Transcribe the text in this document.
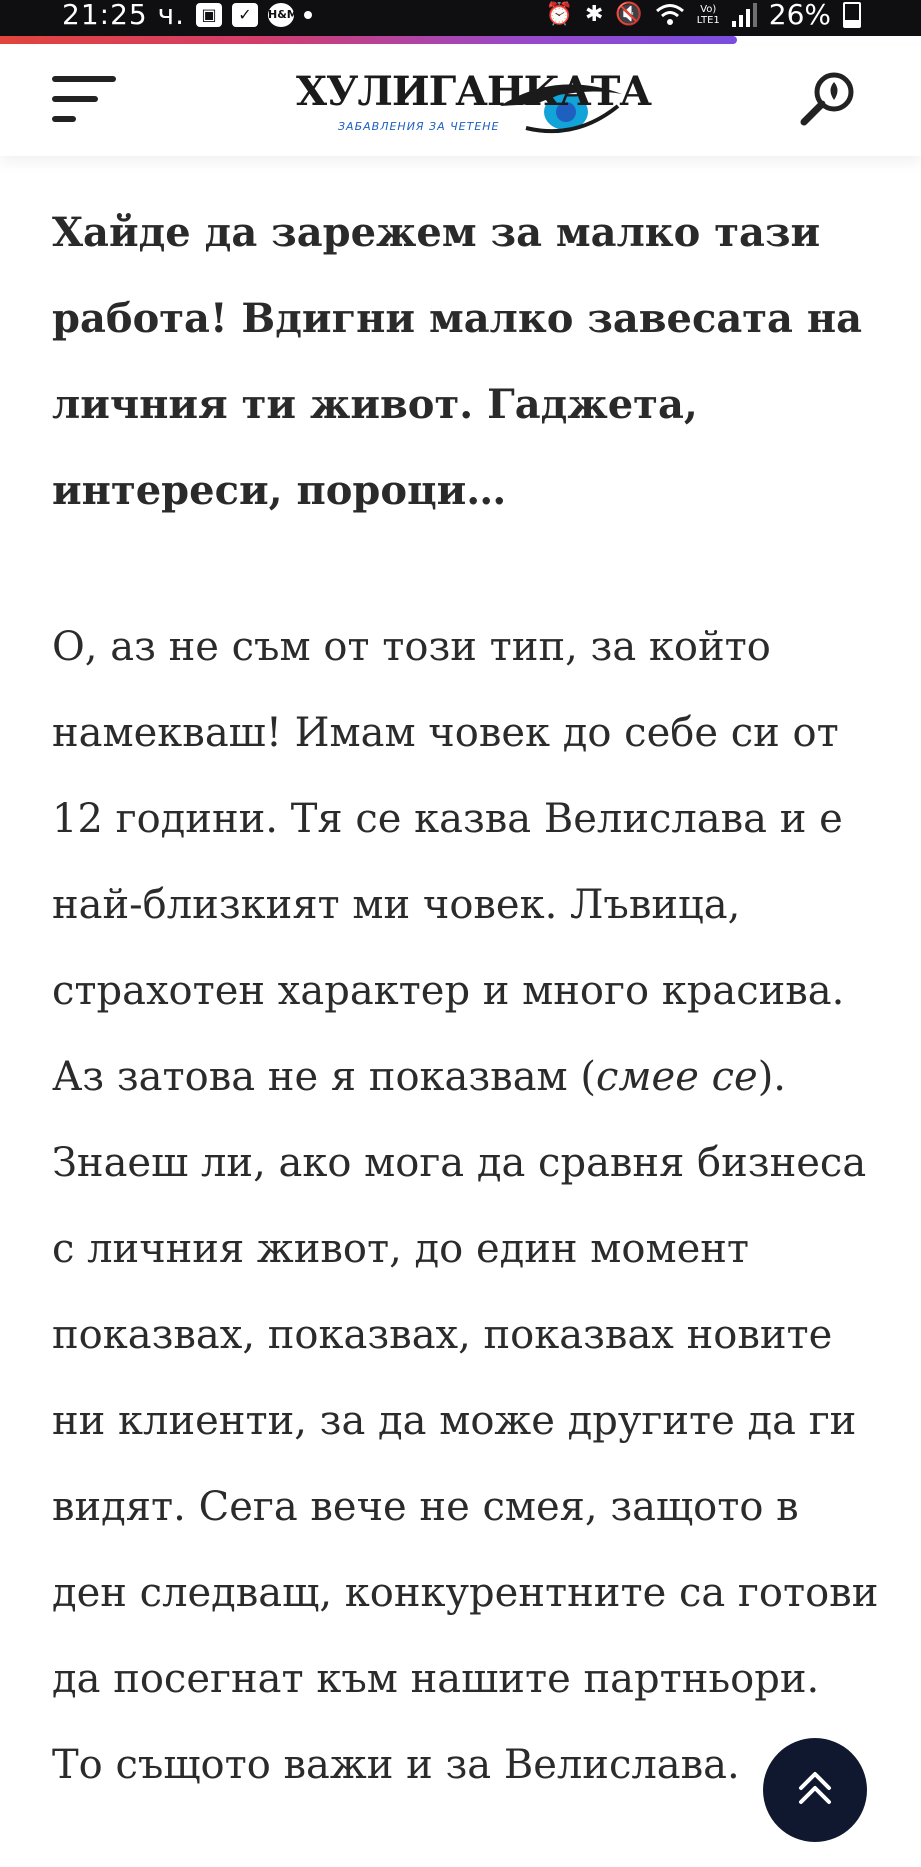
21:25 ч.	▣	✓	H&M	⏰ ✱ 🔇	Vo)
LTE1 26%
ХУЛИГАНКАТА
ЗАБАВЛЕНИЯ ЗА ЧЕТЕНЕ

Хайде да зарежем за малко тази работа! Вдигни малко завесата на личния ти живот. Гаджета, интереси, пороци…

О, аз не съм от този тип, за който намекваш! Имам човек до себе си от 12 години. Тя се казва Велислава и е най-близкият ми човек. Лъвица, страхотен характер и много красива. Аз затова не я показвам (смее се). Знаеш ли, ако мога да сравня бизнеса с личния живот, до един момент показвах, показвах, показвах новите ни клиенти, за да може другите да ги видят. Сега вече не смея, защото в ден следващ, конкурентните са готови да посегнат към нашите партньори. То същото важи и за Велислава.
